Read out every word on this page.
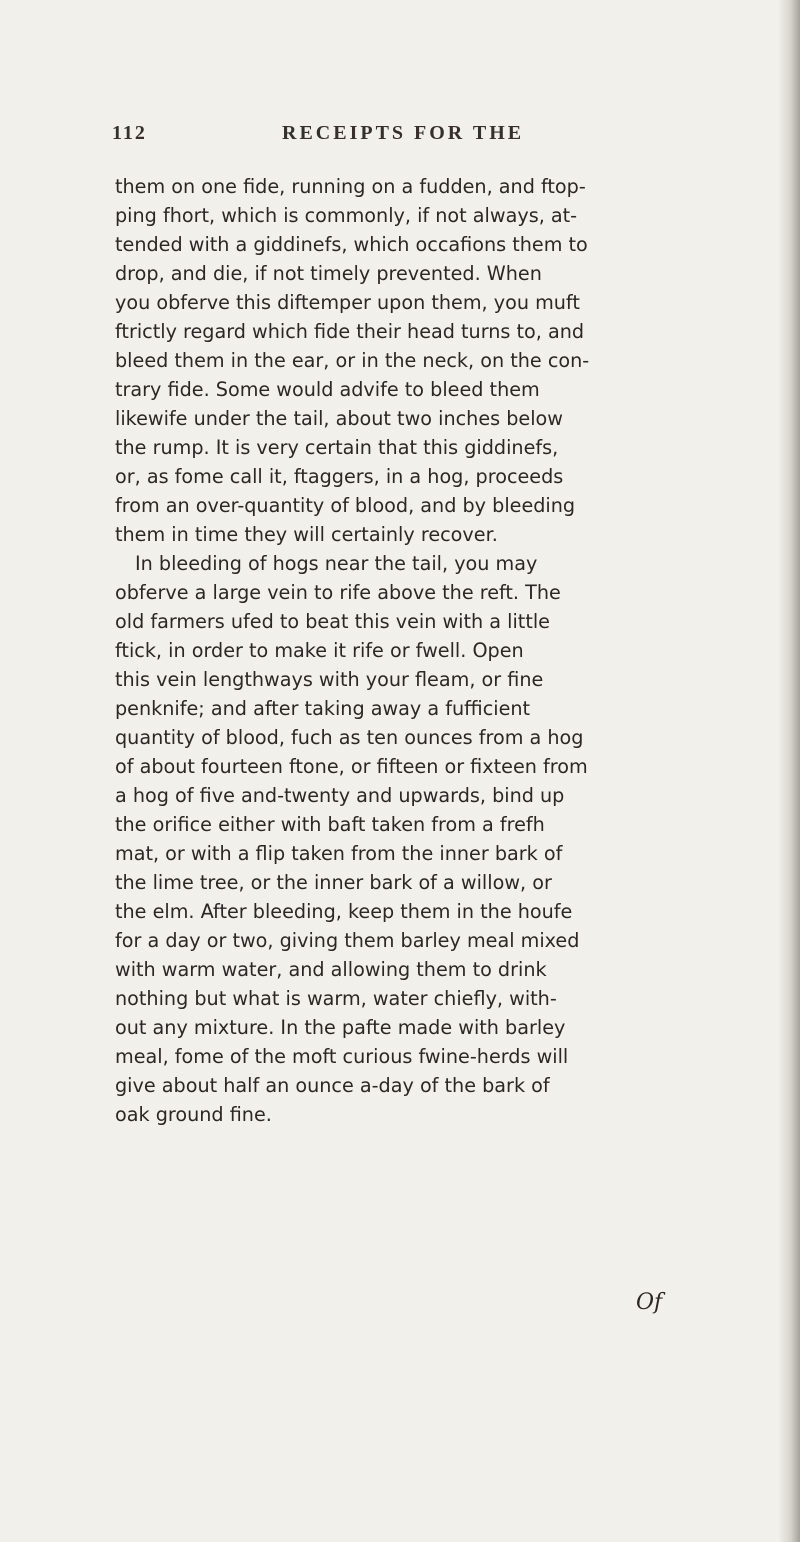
112	RECEIPTS FOR THE
them on one fide, running on a fudden, and ftop-
ping fhort, which is commonly, if not always, at-
tended with a giddinefs, which occafions them to
drop, and die, if not timely prevented. When
you obferve this diftemper upon them, you muft
ftrictly regard which fide their head turns to, and
bleed them in the ear, or in the neck, on the con-
trary fide. Some would advife to bleed them
likewife under the tail, about two inches below
the rump. It is very certain that this giddinefs,
or, as fome call it, ftaggers, in a hog, proceeds
from an over-quantity of blood, and by bleeding
them in time they will certainly recover.
In bleeding of hogs near the tail, you may
obferve a large vein to rife above the reft. The
old farmers ufed to beat this vein with a little
ftick, in order to make it rife or fwell. Open
this vein lengthways with your fleam, or fine
penknife; and after taking away a fufficient
quantity of blood, fuch as ten ounces from a hog
of about fourteen ftone, or fifteen or fixteen from
a hog of five and-twenty and upwards, bind up
the orifice either with baft taken from a frefh
mat, or with a flip taken from the inner bark of
the lime tree, or the inner bark of a willow, or
the elm. After bleeding, keep them in the houfe
for a day or two, giving them barley meal mixed
with warm water, and allowing them to drink
nothing but what is warm, water chiefly, with-
out any mixture. In the pafte made with barley
meal, fome of the moft curious fwine-herds will
give about half an ounce a-day of the bark of
oak ground fine.
Of
